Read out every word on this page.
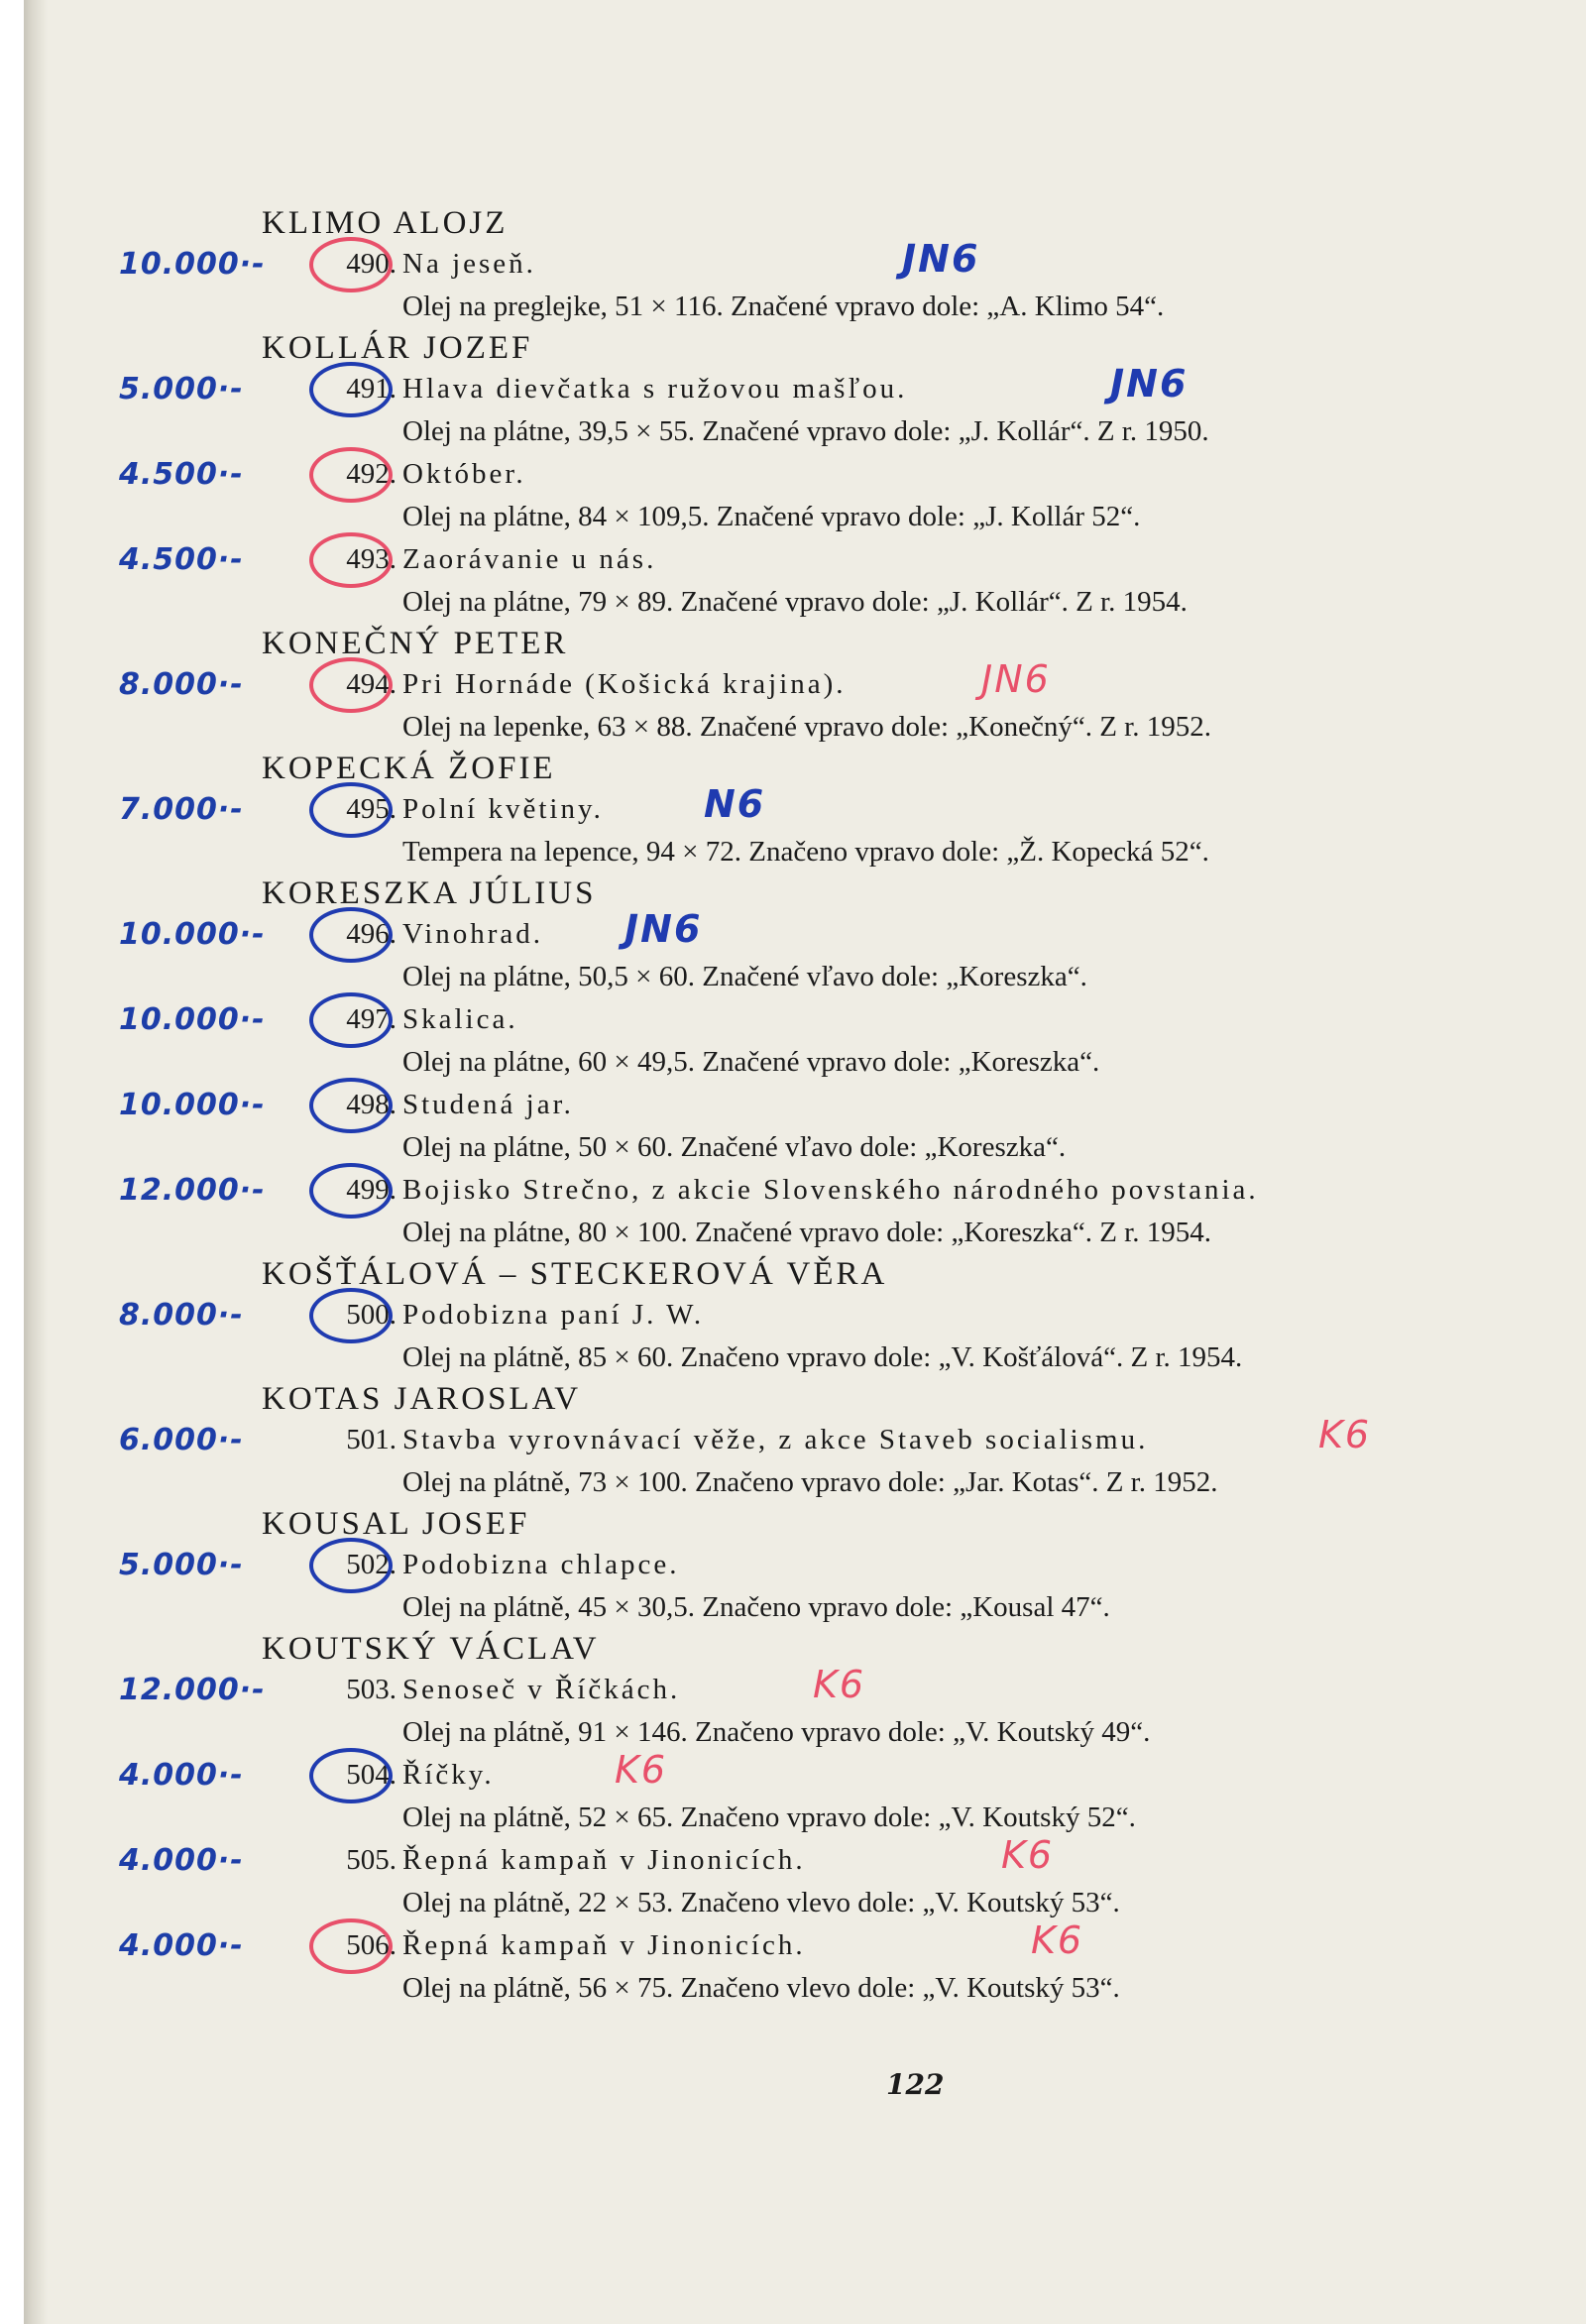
KLIMO ALOJZ
10.000·-	490. Na jeseň.	JN6
Olej na preglejke, 51 × 116. Značené vpravo dole: „A. Klimo 54“.
KOLLÁR JOZEF
5.000·-	491. Hlava dievčatka s ružovou mašľou.	JN6
Olej na plátne, 39,5 × 55. Značené vpravo dole: „J. Kollár“. Z r. 1950.
4.500·-	492. Október.
Olej na plátne, 84 × 109,5. Značené vpravo dole: „J. Kollár 52“.
4.500·-	493. Zaorávanie u nás.
Olej na plátne, 79 × 89. Značené vpravo dole: „J. Kollár“. Z r. 1954.
KONEČNÝ PETER
8.000·-	494. Pri Hornáde (Košická krajina).	JN6
Olej na lepenke, 63 × 88. Značené vpravo dole: „Konečný“. Z r. 1952.
KOPECKÁ ŽOFIE
7.000·-	495. Polní květiny.	N6
Tempera na lepence, 94 × 72. Značeno vpravo dole: „Ž. Kopecká 52“.
KORESZKA JÚLIUS
10.000·-	496. Vinohrad.	JN6
Olej na plátne, 50,5 × 60. Značené vľavo dole: „Koreszka“.
10.000·-	497. Skalica.
Olej na plátne, 60 × 49,5. Značené vpravo dole: „Koreszka“.
10.000·-	498. Studená jar.
Olej na plátne, 50 × 60. Značené vľavo dole: „Koreszka“.
12.000·-	499. Bojisko Strečno, z akcie Slovenského národného povstania.
Olej na plátne, 80 × 100. Značené vpravo dole: „Koreszka“. Z r. 1954.
KOŠŤÁLOVÁ – STECKEROVÁ VĚRA
8.000·-	500. Podobizna paní J. W.
Olej na plátně, 85 × 60. Značeno vpravo dole: „V. Košťálová“. Z r. 1954.
KOTAS JAROSLAV
6.000·-	501. Stavba vyrovnávací věže, z akce Staveb socialismu.	K6
Olej na plátně, 73 × 100. Značeno vpravo dole: „Jar. Kotas“. Z r. 1952.
KOUSAL JOSEF
5.000·-	502. Podobizna chlapce.
Olej na plátně, 45 × 30,5. Značeno vpravo dole: „Kousal 47“.
KOUTSKÝ VÁCLAV
12.000·-	503. Senoseč v Říčkách.	K6
Olej na plátně, 91 × 146. Značeno vpravo dole: „V. Koutský 49“.
4.000·-	504. Říčky.	K6
Olej na plátně, 52 × 65. Značeno vpravo dole: „V. Koutský 52“.
4.000·-	505. Řepná kampaň v Jinonicích.	K6
Olej na plátně, 22 × 53. Značeno vlevo dole: „V. Koutský 53“.
4.000·-	506. Řepná kampaň v Jinonicích.	K6
Olej na plátně, 56 × 75. Značeno vlevo dole: „V. Koutský 53“.
122
